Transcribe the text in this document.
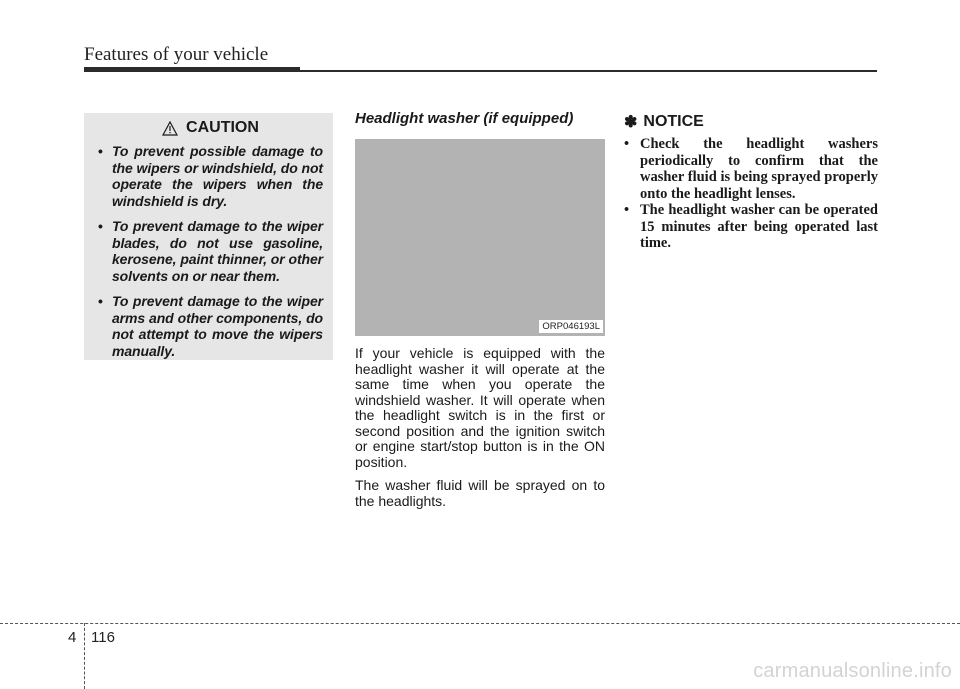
Features of your vehicle
CAUTION
• To prevent possible damage to the wipers or windshield, do not operate the wipers when the windshield is dry.
• To prevent damage to the wiper blades, do not use gasoline, kerosene, paint thinner, or other solvents on or near them.
• To prevent damage to the wiper arms and other components, do not attempt to move the wipers manually.
Headlight washer (if equipped)
ORP046193L

If your vehicle is equipped with the headlight washer it will operate at the same time when you operate the windshield washer. It will operate when the headlight switch is in the first or second position and the ignition switch or engine start/stop button is in the ON position.

The washer fluid will be sprayed on to the headlights.

✽ NOTICE
• Check the headlight washers periodically to confirm that the washer fluid is being sprayed properly onto the headlight lenses.
• The headlight washer can be operated 15 minutes after being operated last time.
4 116
carmanualsonline.info
